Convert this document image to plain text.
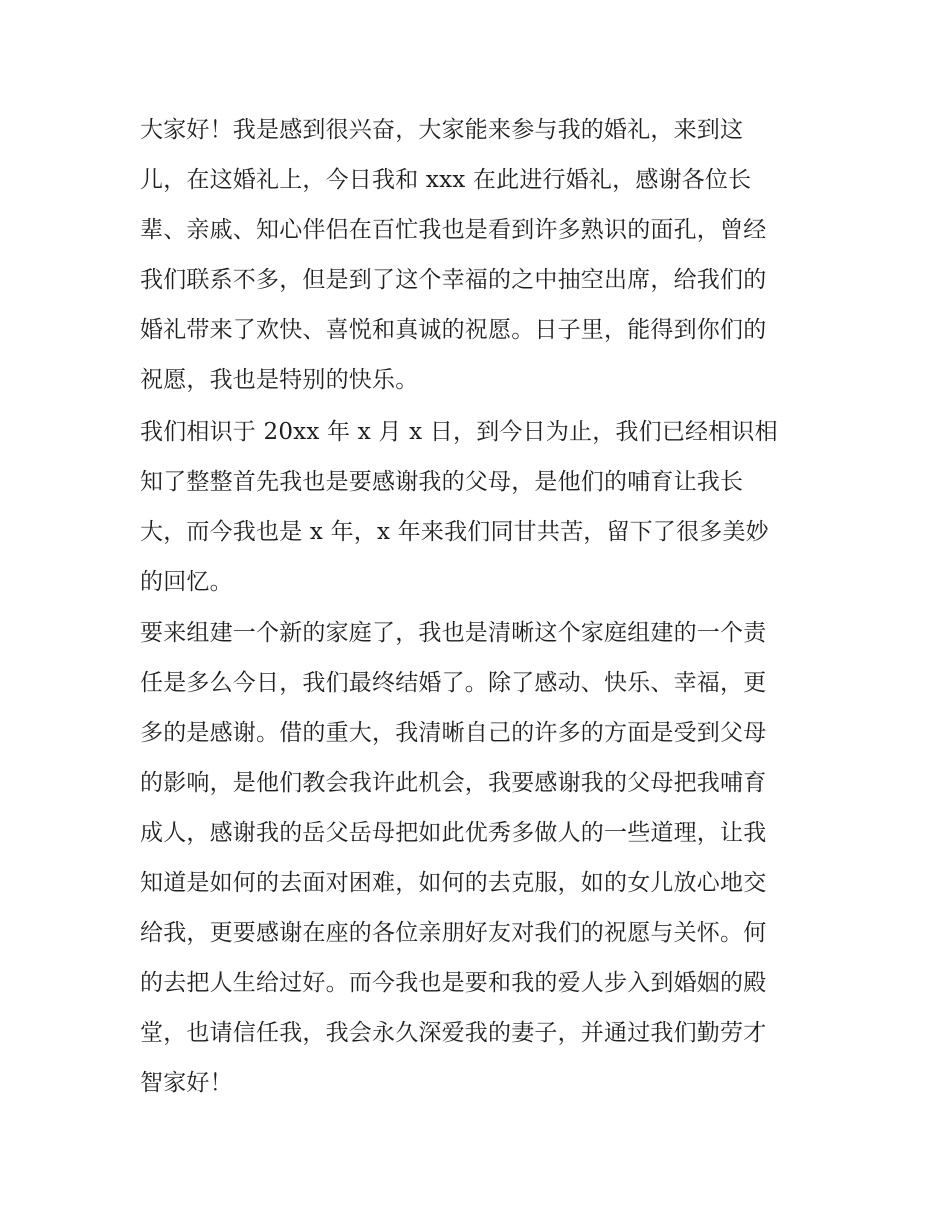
大家好！我是感到很兴奋，大家能来参与我的婚礼，来到这
儿，在这婚礼上，今日我和 xxx 在此进行婚礼，感谢各位长
辈、亲戚、知心伴侣在百忙我也是看到许多熟识的面孔，曾经
我们联系不多，但是到了这个幸福的之中抽空出席，给我们的
婚礼带来了欢快、喜悦和真诚的祝愿。日子里，能得到你们的
祝愿，我也是特别的快乐。
我们相识于 20xx 年 x 月 x 日，到今日为止，我们已经相识相
知了整整首先我也是要感谢我的父母，是他们的哺育让我长
大，而今我也是 x 年，x 年来我们同甘共苦，留下了很多美妙
的回忆。
要来组建一个新的家庭了，我也是清晰这个家庭组建的一个责
任是多么今日，我们最终结婚了。除了感动、快乐、幸福，更
多的是感谢。借的重大，我清晰自己的许多的方面是受到父母
的影响，是他们教会我许此机会，我要感谢我的父母把我哺育
成人，感谢我的岳父岳母把如此优秀多做人的一些道理，让我
知道是如何的去面对困难，如何的去克服，如的女儿放心地交
给我，更要感谢在座的各位亲朋好友对我们的祝愿与关怀。何
的去把人生给过好。而今我也是要和我的爱人步入到婚姻的殿
堂，也请信任我，我会永久深爱我的妻子，并通过我们勤劳才
智家好！
